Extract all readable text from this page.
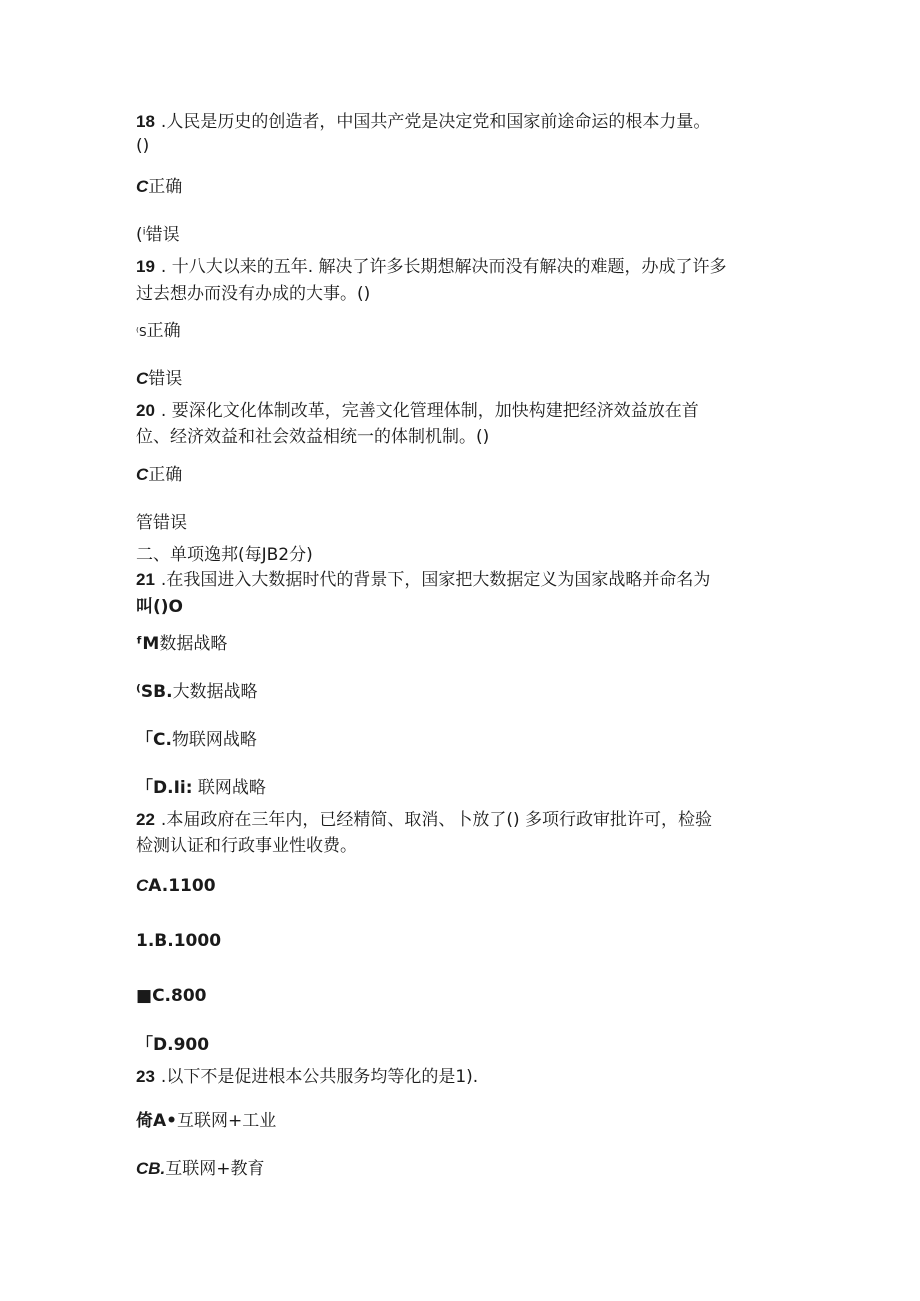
18 .人民是历史的创造者，中国共产党是决定党和国家前途命运的根本力量。
()
C正确
(ⁱ错误
19 . 十八大以来的五年. 解决了许多长期想解决而没有解决的难题，办成了许多
过去想办而没有办成的大事。()
⁽S正确
C错误
20 . 要深化文化体制改革，完善文化管理体制，加快构建把经济效益放在首
位、经济效益和社会效益相统一的体制机制。()
C正确
管错误
二、单项逸邦(每JB2分)
21 .在我国进入大数据时代的背景下，国家把大数据定义为国家战略并命名为
叫()O
ᶠM数据战略
⁽SB.大数据战略
「C.物联网战略
「D.Ii: 联网战略
22 .本届政府在三年内，已经精简、取消、卜放了() 多项行政审批许可，检验
检测认证和行政事业性收费。
CA.1100
1.B.1000
■C.800
「D.900
23 .以下不是促进根本公共服务均等化的是1).
倚A•互联网+工业
CB.互联网+教育
